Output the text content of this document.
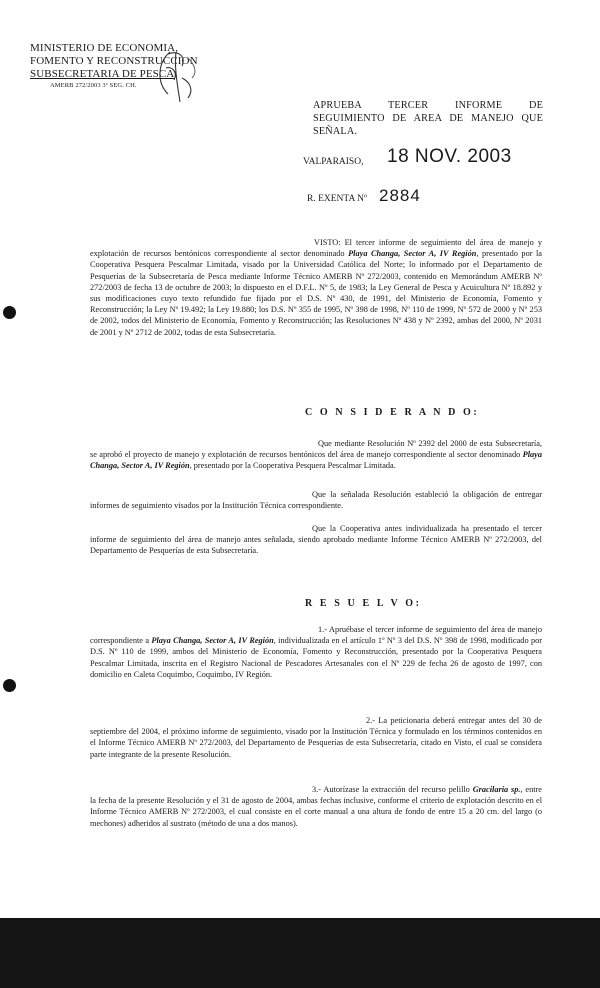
MINISTERIO DE ECONOMIA,
FOMENTO Y RECONSTRUCCION
SUBSECRETARIA DE PESCA
AMERB 272/2003 3º SEG. CH.
APRUEBA TERCER INFORME DE SEGUIMIENTO DE AREA DE MANEJO QUE SEÑALA.
VALPARAISO, 18 NOV. 2003
R. EXENTA Nº 2884
VISTO: El tercer informe de seguimiento del área de manejo y explotación de recursos bentónicos correspondiente al sector denominado Playa Changa, Sector A, IV Región, presentado por la Cooperativa Pesquera Pescalmar Limitada, visado por la Universidad Católica del Norte; lo informado por el Departamento de Pesquerías de la Subsecretaría de Pesca mediante Informe Técnico AMERB Nº 272/2003, contenido en Memorándum AMERB Nº 272/2003 de fecha 13 de octubre de 2003; lo dispuesto en el D.F.L. Nº 5, de 1983; la Ley General de Pesca y Acuicultura Nº 18.892 y sus modificaciones cuyo texto refundido fue fijado por el D.S. Nº 430, de 1991, del Ministerio de Economía, Fomento y Reconstrucción; la Ley Nº 19.492; la Ley 19.880; los D.S. Nº 355 de 1995, Nº 398 de 1998, Nº 110 de 1999, Nº 572 de 2000 y Nº 253 de 2002, todos del Ministerio de Economía, Fomento y Reconstrucción; las Resoluciones Nº 438 y Nº 2392, ambas del 2000, Nº 2031 de 2001 y Nº 2712 de 2002, todas de esta Subsecretaría.
C O N S I D E R A N D O:
Que mediante Resolución Nº 2392 del 2000 de esta Subsecretaría, se aprobó el proyecto de manejo y explotación de recursos bentónicos del área de manejo correspondiente al sector denominado Playa Changa, Sector A, IV Región, presentado por la Cooperativa Pesquera Pescalmar Limitada.
Que la señalada Resolución estableció la obligación de entregar informes de seguimiento visados por la Institución Técnica correspondiente.
Que la Cooperativa antes individualizada ha presentado el tercer informe de seguimiento del área de manejo antes señalada, siendo aprobado mediante Informe Técnico AMERB Nº 272/2003, del Departamento de Pesquerías de esta Subsecretaría.
R E S U E L V O:
1.- Apruébase el tercer informe de seguimiento del área de manejo correspondiente a Playa Changa, Sector A, IV Región, individualizada en el artículo 1º Nº 3 del D.S. Nº 398 de 1998, modificado por D.S. Nº 110 de 1999, ambos del Ministerio de Economía, Fomento y Reconstrucción, presentado por la Cooperativa Pesquera Pescalmar Limitada, inscrita en el Registro Nacional de Pescadores Artesanales con el Nº 229 de fecha 26 de agosto de 1997, con domicilio en Caleta Coquimbo, Coquimbo, IV Región.
2.- La peticionaria deberá entregar antes del 30 de septiembre del 2004, el próximo informe de seguimiento, visado por la Institución Técnica y formulado en los términos contenidos en el Informe Técnico AMERB Nº 272/2003, del Departamento de Pesquerías de esta Subsecretaría, citado en Visto, el cual se considera parte integrante de la presente Resolución.
3.- Autorízase la extracción del recurso pelillo Gracilaria sp., entre la fecha de la presente Resolución y el 31 de agosto de 2004, ambas fechas inclusive, conforme el criterio de explotación descrito en el Informe Técnico AMERB Nº 272/2003, el cual consiste en el corte manual a una altura de fondo de entre 15 a 20 cm. del largo (o mechones) adheridos al sustrato (método de una a dos manos).
